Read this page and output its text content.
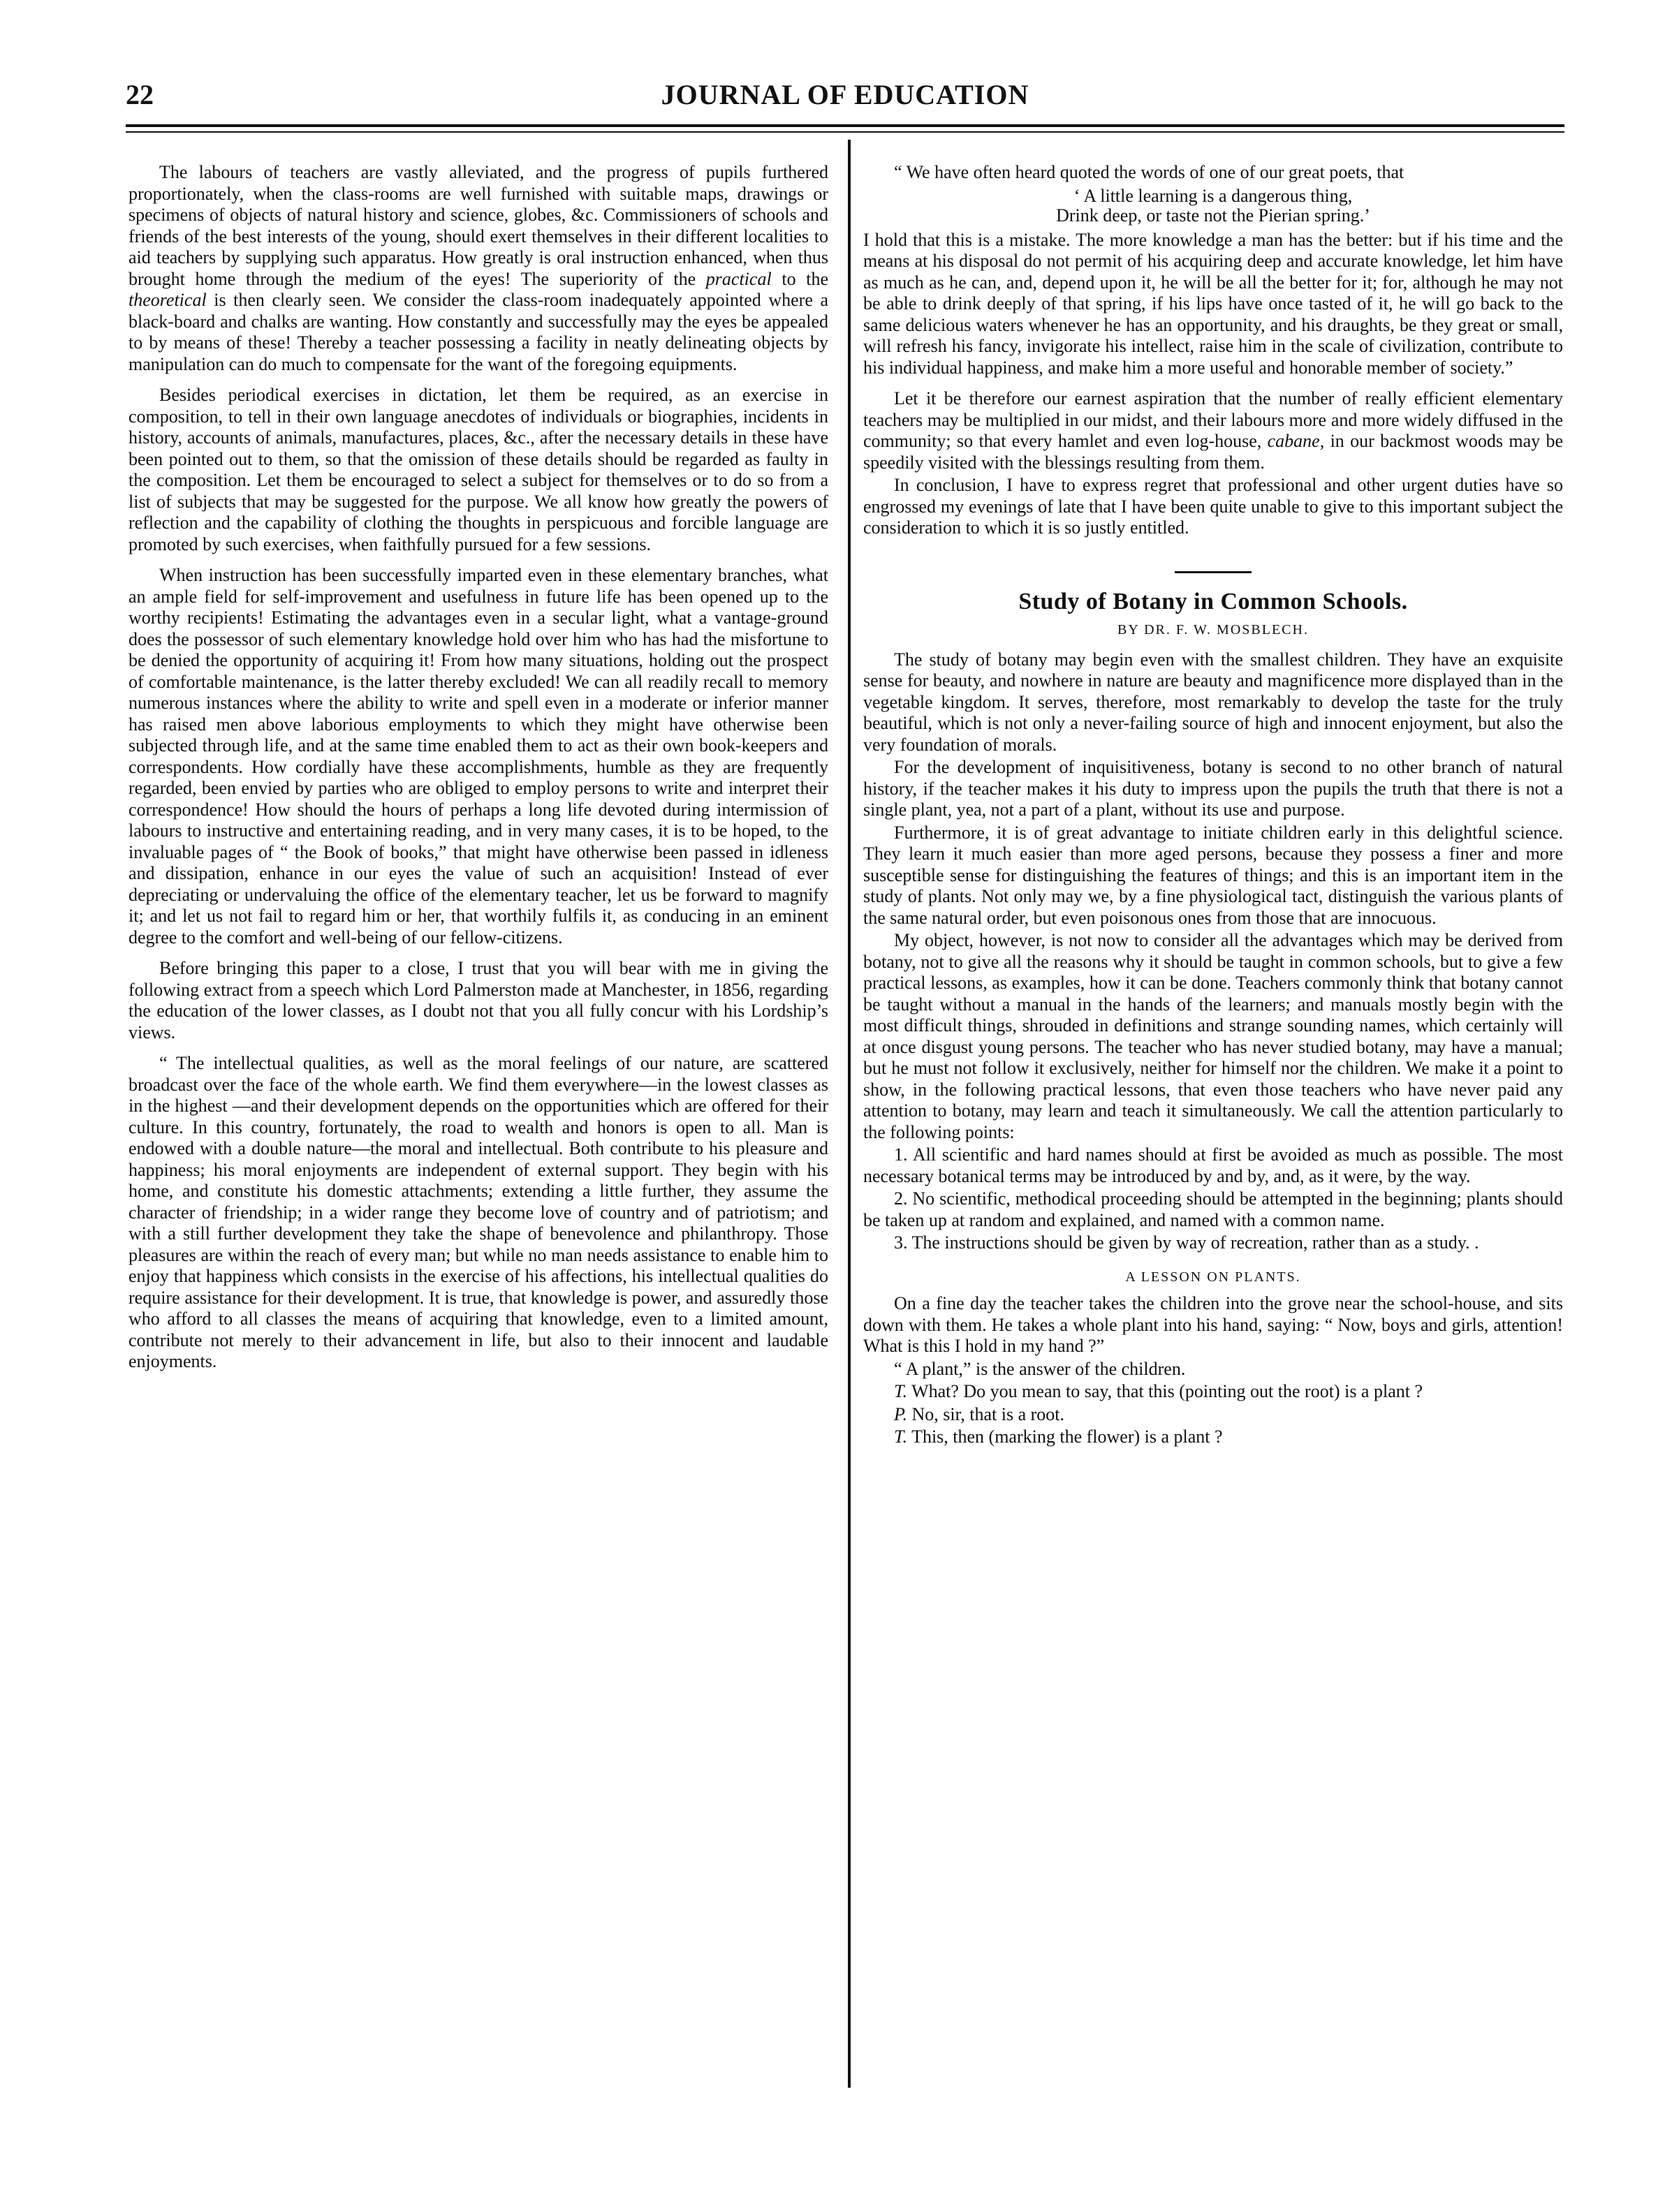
22	JOURNAL OF EDUCATION

The labours of teachers are vastly alleviated, and the progress of pupils furthered proportionately, when the class-rooms are well furnished with suitable maps, drawings or specimens of objects of natural history and science, globes, &c. Commissioners of schools and friends of the best interests of the young, should exert themselves in their different localities to aid teachers by supplying such apparatus. How greatly is oral instruction enhanced, when thus brought home through the medium of the eyes! The superiority of the practical to the theoretical is then clearly seen. We consider the class-room inadequately appointed where a black-board and chalks are wanting. How constantly and successfully may the eyes be appealed to by means of these! Thereby a teacher possessing a facility in neatly delineating objects by manipulation can do much to compensate for the want of the foregoing equipments.

Besides periodical exercises in dictation, let them be required, as an exercise in composition, to tell in their own language anecdotes of individuals or biographies, incidents in history, accounts of animals, manufactures, places, &c., after the necessary details in these have been pointed out to them, so that the omission of these details should be regarded as faulty in the composition. Let them be encouraged to select a subject for themselves or to do so from a list of subjects that may be suggested for the purpose. We all know how greatly the powers of reflection and the capability of clothing the thoughts in perspicuous and forcible language are promoted by such exercises, when faithfully pursued for a few sessions.

When instruction has been successfully imparted even in these elementary branches, what an ample field for self-improvement and usefulness in future life has been opened up to the worthy recipients! Estimating the advantages even in a secular light, what a vantage-ground does the possessor of such elementary knowledge hold over him who has had the misfortune to be denied the opportunity of acquiring it! From how many situations, holding out the prospect of comfortable maintenance, is the latter thereby excluded! We can all readily recall to memory numerous instances where the ability to write and spell even in a moderate or inferior manner has raised men above laborious employments to which they might have otherwise been subjected through life, and at the same time enabled them to act as their own book-keepers and correspondents. How cordially have these accomplishments, humble as they are frequently regarded, been envied by parties who are obliged to employ persons to write and interpret their correspondence! How should the hours of perhaps a long life devoted during intermission of labours to instructive and entertaining reading, and in very many cases, it is to be hoped, to the invaluable pages of “ the Book of books,” that might have otherwise been passed in idleness and dissipation, enhance in our eyes the value of such an acquisition! Instead of ever depreciating or undervaluing the office of the elementary teacher, let us be forward to magnify it; and let us not fail to regard him or her, that worthily fulfils it, as conducing in an eminent degree to the comfort and well-being of our fellow-citizens.

Before bringing this paper to a close, I trust that you will bear with me in giving the following extract from a speech which Lord Palmerston made at Manchester, in 1856, regarding the education of the lower classes, as I doubt not that you all fully concur with his Lordship’s views.

“ The intellectual qualities, as well as the moral feelings of our nature, are scattered broadcast over the face of the whole earth. We find them everywhere—in the lowest classes as in the highest —and their development depends on the opportunities which are offered for their culture. In this country, fortunately, the road to wealth and honors is open to all. Man is endowed with a double nature—the moral and intellectual. Both contribute to his pleasure and happiness; his moral enjoyments are independent of external support. They begin with his home, and constitute his domestic attachments; extending a little further, they assume the character of friendship; in a wider range they become love of country and of patriotism; and with a still further development they take the shape of benevolence and philanthropy. Those pleasures are within the reach of every man; but while no man needs assistance to enable him to enjoy that happiness which consists in the exercise of his affections, his intellectual qualities do require assistance for their development. It is true, that knowledge is power, and assuredly those who afford to all classes the means of acquiring that knowledge, even to a limited amount, contribute not merely to their advancement in life, but also to their innocent and laudable enjoyments.

“ We have often heard quoted the words of one of our great poets, that

‘ A little learning is a dangerous thing,
Drink deep, or taste not the Pierian spring.’

I hold that this is a mistake. The more knowledge a man has the better: but if his time and the means at his disposal do not permit of his acquiring deep and accurate knowledge, let him have as much as he can, and, depend upon it, he will be all the better for it; for, although he may not be able to drink deeply of that spring, if his lips have once tasted of it, he will go back to the same delicious waters whenever he has an opportunity, and his draughts, be they great or small, will refresh his fancy, invigorate his intellect, raise him in the scale of civilization, contribute to his individual happiness, and make him a more useful and honorable member of society.”

Let it be therefore our earnest aspiration that the number of really efficient elementary teachers may be multiplied in our midst, and their labours more and more widely diffused in the community; so that every hamlet and even log-house, cabane, in our backmost woods may be speedily visited with the blessings resulting from them.

In conclusion, I have to express regret that professional and other urgent duties have so engrossed my evenings of late that I have been quite unable to give to this important subject the consideration to which it is so justly entitled.

Study of Botany in Common Schools.
BY DR. F. W. MOSBLECH.

The study of botany may begin even with the smallest children. They have an exquisite sense for beauty, and nowhere in nature are beauty and magnificence more displayed than in the vegetable kingdom. It serves, therefore, most remarkably to develop the taste for the truly beautiful, which is not only a never-failing source of high and innocent enjoyment, but also the very foundation of morals.

For the development of inquisitiveness, botany is second to no other branch of natural history, if the teacher makes it his duty to impress upon the pupils the truth that there is not a single plant, yea, not a part of a plant, without its use and purpose.

Furthermore, it is of great advantage to initiate children early in this delightful science. They learn it much easier than more aged persons, because they possess a finer and more susceptible sense for distinguishing the features of things; and this is an important item in the study of plants. Not only may we, by a fine physiological tact, distinguish the various plants of the same natural order, but even poisonous ones from those that are innocuous.

My object, however, is not now to consider all the advantages which may be derived from botany, not to give all the reasons why it should be taught in common schools, but to give a few practical lessons, as examples, how it can be done. Teachers commonly think that botany cannot be taught without a manual in the hands of the learners; and manuals mostly begin with the most difficult things, shrouded in definitions and strange sounding names, which certainly will at once disgust young persons. The teacher who has never studied botany, may have a manual; but he must not follow it exclusively, neither for himself nor the children. We make it a point to show, in the following practical lessons, that even those teachers who have never paid any attention to botany, may learn and teach it simultaneously. We call the attention particularly to the following points:

1. All scientific and hard names should at first be avoided as much as possible. The most necessary botanical terms may be introduced by and by, and, as it were, by the way.

2. No scientific, methodical proceeding should be attempted in the beginning; plants should be taken up at random and explained, and named with a common name.

3. The instructions should be given by way of recreation, rather than as a study. .

A LESSON ON PLANTS.

On a fine day the teacher takes the children into the grove near the school-house, and sits down with them. He takes a whole plant into his hand, saying: “ Now, boys and girls, attention! What is this I hold in my hand ?”

“ A plant,” is the answer of the children.

T. What? Do you mean to say, that this (pointing out the root) is a plant ?

P. No, sir, that is a root.

T. This, then (marking the flower) is a plant ?
